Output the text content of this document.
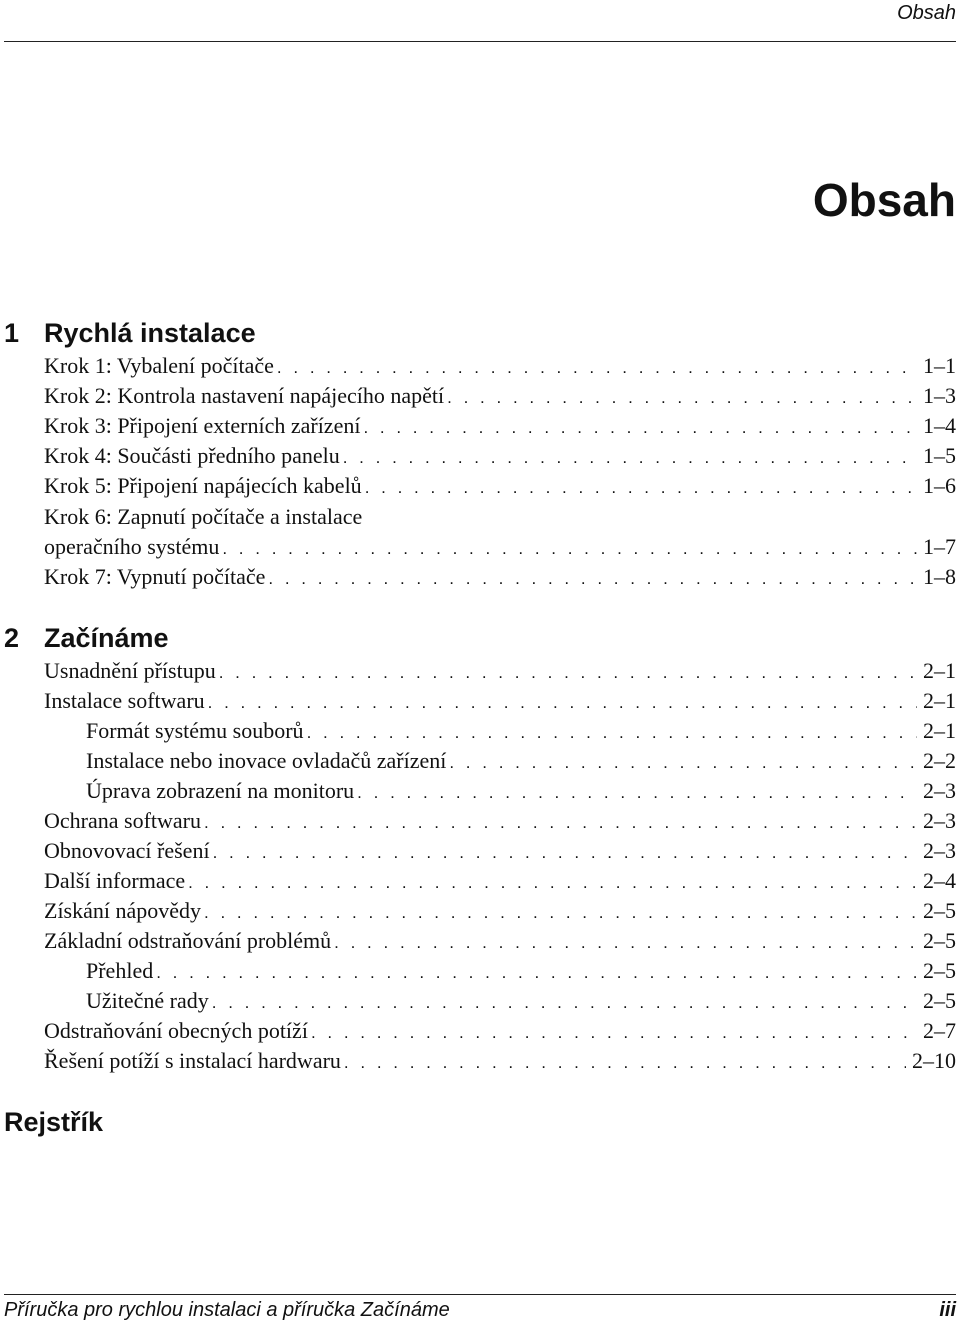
Obsah
Obsah
1 Rychlá instalace
Krok 1: Vybalení počítače . . .	1–1
Krok 2: Kontrola nastavení napájecího napětí . . .	1–3
Krok 3: Připojení externích zařízení . . .	1–4
Krok 4: Součásti předního panelu . . .	1–5
Krok 5: Připojení napájecích kabelů . . .	1–6
Krok 6: Zapnutí počítače a instalace
operačního systému . . .	1–7
Krok 7: Vypnutí počítače . . .	1–8
2 Začínáme
Usnadnění přístupu . . .	2–1
Instalace softwaru . . .	2–1
Formát systému souborů . . .	2–1
Instalace nebo inovace ovladačů zařízení . . .	2–2
Úprava zobrazení na monitoru . . .	2–3
Ochrana softwaru . . .	2–3
Obnovovací řešení . . .	2–3
Další informace . . .	2–4
Získání nápovědy . . .	2–5
Základní odstraňování problémů . . .	2–5
Přehled . . .	2–5
Užitečné rady . . .	2–5
Odstraňování obecných potíží . . .	2–7
Řešení potíží s instalací hardwaru . . .	2–10
Rejstřík
Příručka pro rychlou instalaci a příručka Začínáme	iii
